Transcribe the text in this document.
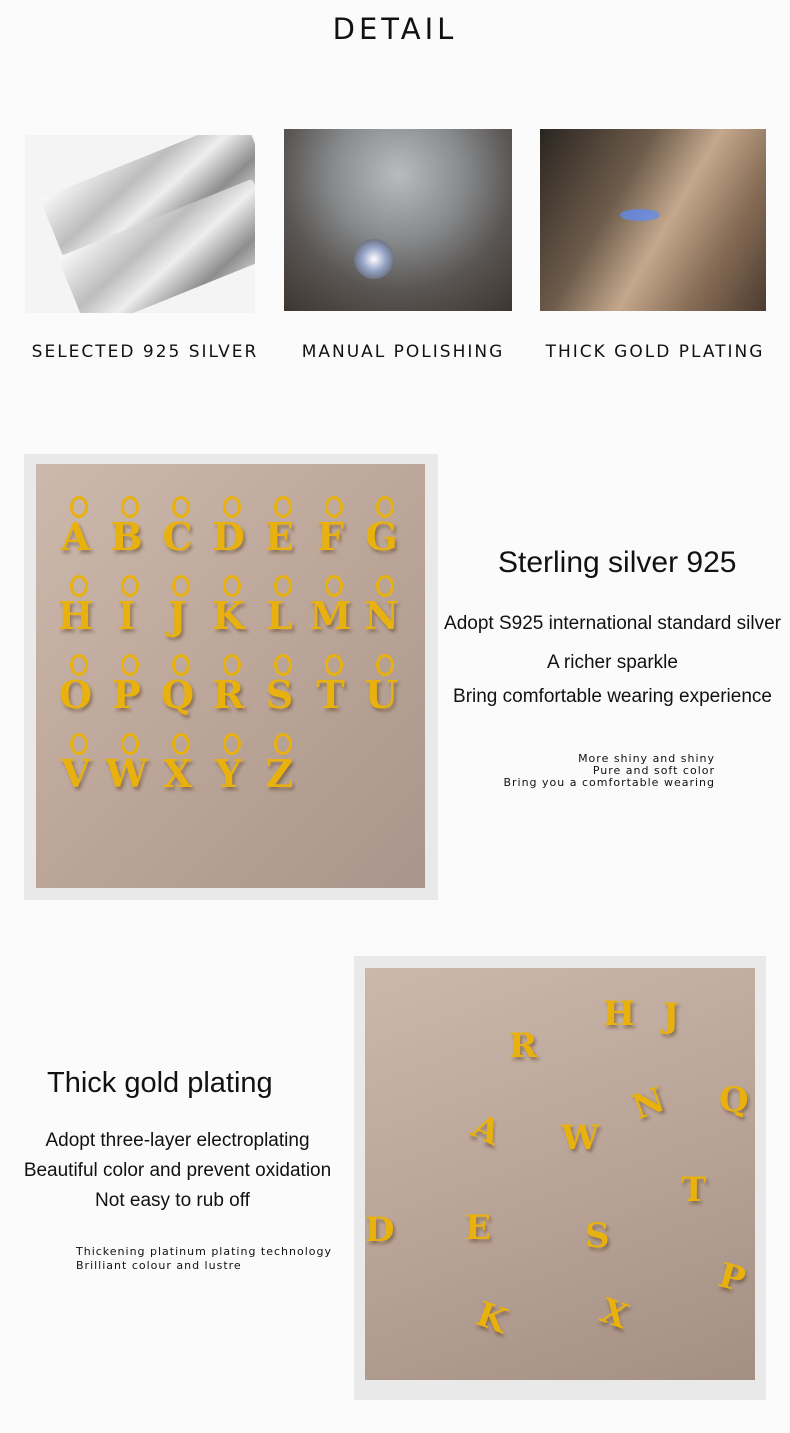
DETAIL
SELECTED 925 SILVER	MANUAL POLISHING	THICK GOLD PLATING
A B C D E F G
H I J K L M N
O P Q R S T U
V W X Y Z
Sterling silver 925
Adopt S925 international standard silver
A richer sparkle
Bring comfortable wearing experience
More shiny and shiny
Pure and soft color
Bring you a comfortable wearing
Thick gold plating
Adopt three-layer electroplating
Beautiful color and prevent oxidation
Not easy to rub off
Thickening platinum plating technology
Brilliant colour and lustre
H J
R
A W
N Q
D E	S
T
K X
P
